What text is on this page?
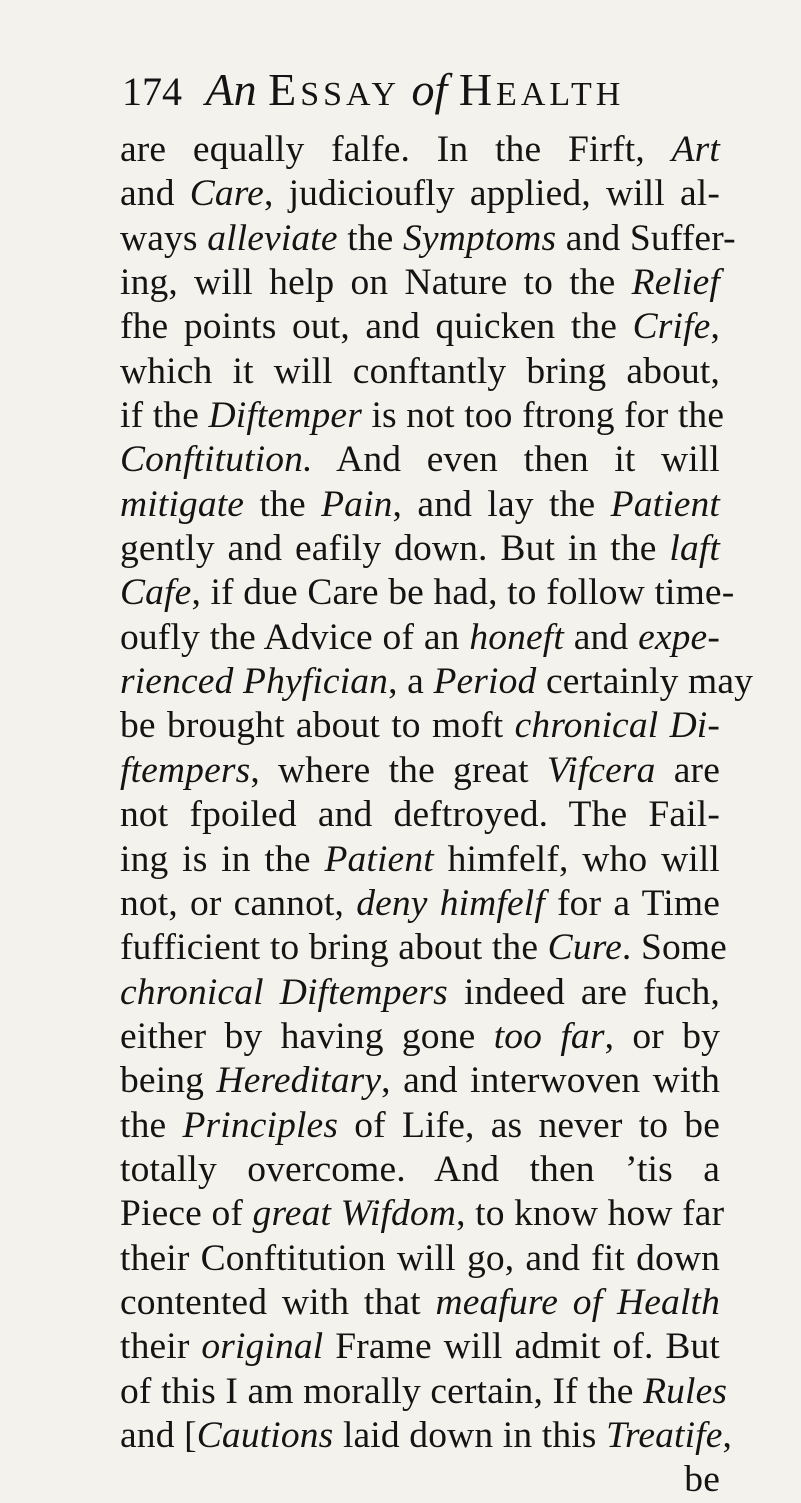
174 An ESSAY of HEALTH
are equally falfe. In the Firft, Art
and Care, judicioufly applied, will al-
ways alleviate the Symptoms and Suffer-
ing, will help on Nature to the Relief
fhe points out, and quicken the Crife,
which it will conftantly bring about,
if the Diftemper is not too ftrong for the
Conftitution. And even then it will
mitigate the Pain, and lay the Patient
gently and eafily down. But in the laft
Cafe, if due Care be had, to follow time-
oufly the Advice of an honeft and expe-
rienced Phyfician, a Period certainly may
be brought about to moft chronical Di-
ftempers, where the great Vifcera are
not fpoiled and deftroyed. The Fail-
ing is in the Patient himfelf, who will
not, or cannot, deny himfelf for a Time
fufficient to bring about the Cure. Some
chronical Diftempers indeed are fuch,
either by having gone too far, or by
being Hereditary, and interwoven with
the Principles of Life, as never to be
totally overcome. And then ’tis a
Piece of great Wifdom, to know how far
their Conftitution will go, and fit down
contented with that meafure of Health
their original Frame will admit of. But
of this I am morally certain, If the Rules
and [Cautions laid down in this Treatife,
be
